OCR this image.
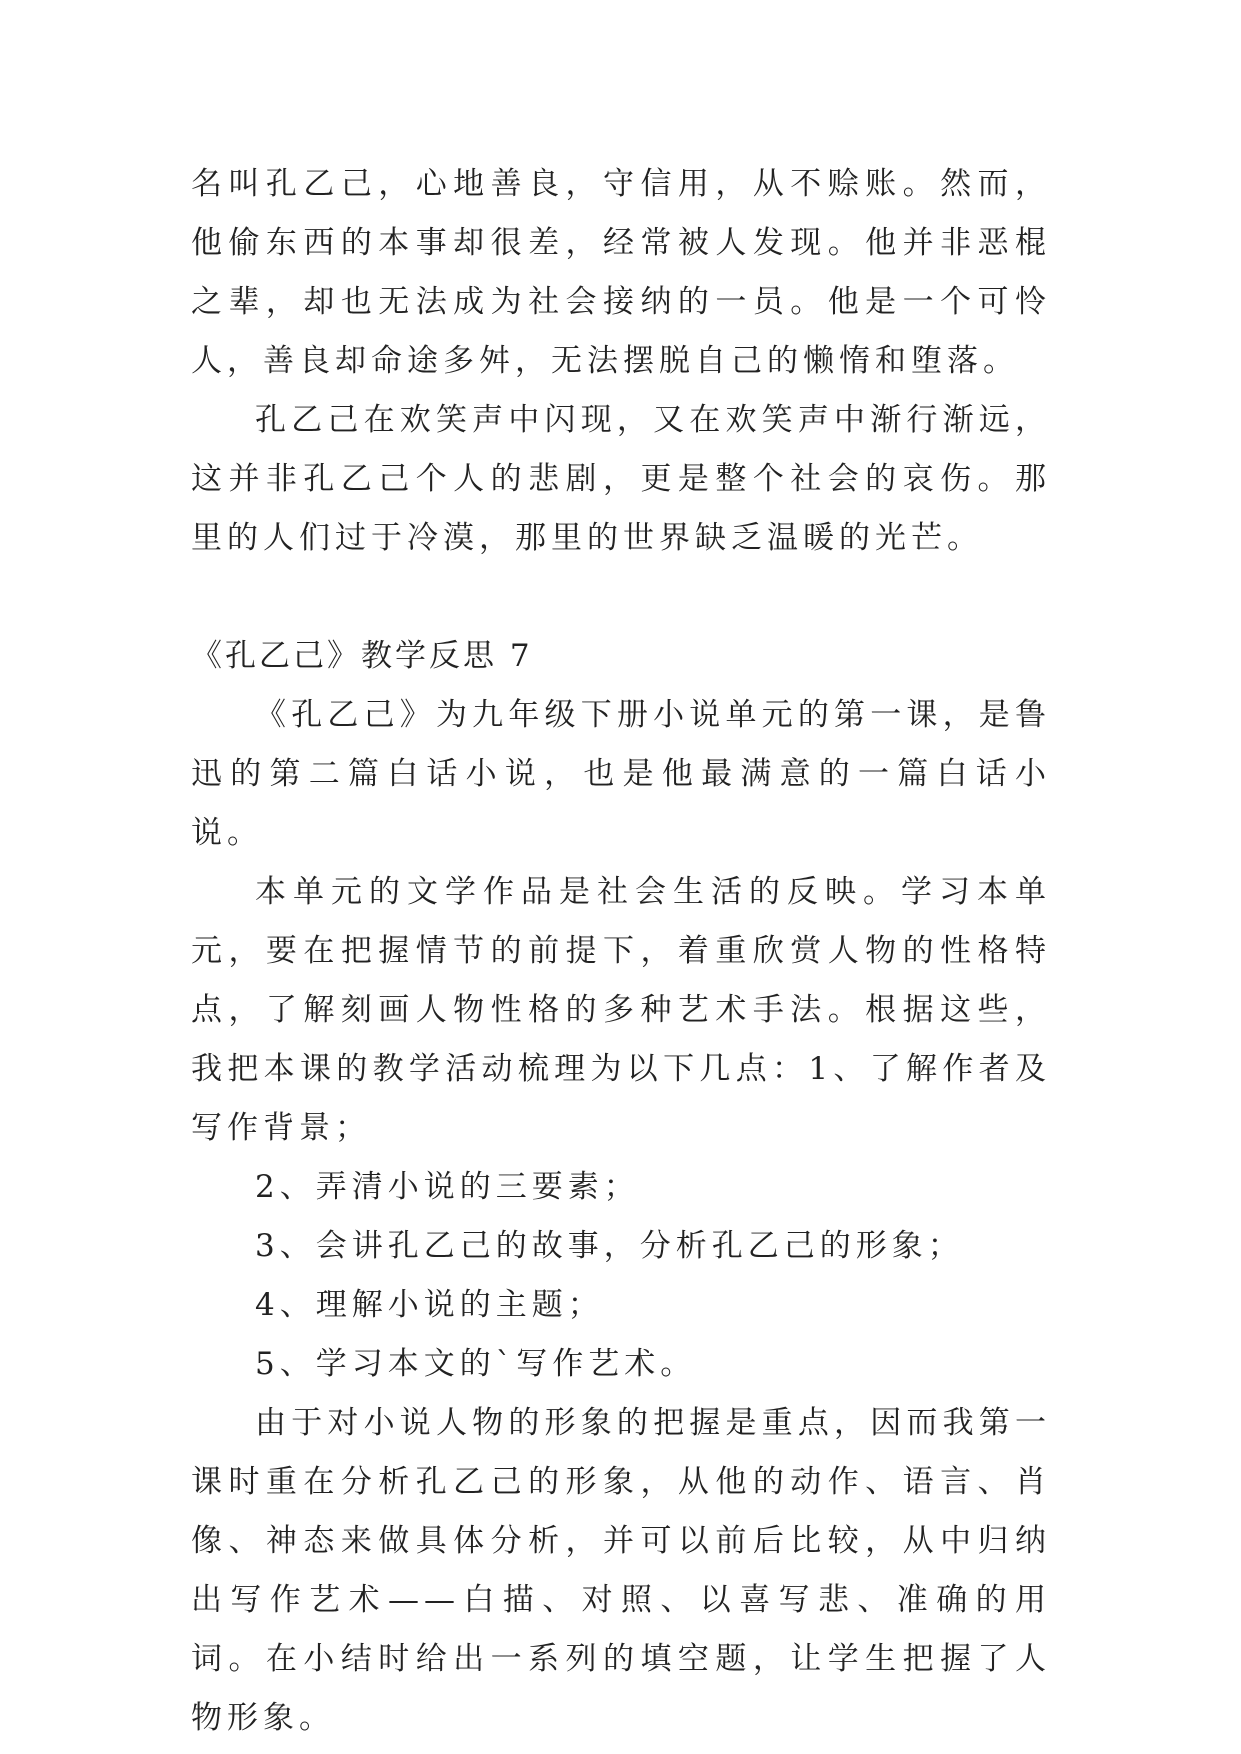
名叫孔乙己，心地善良，守信用，从不赊账。然而，他偷东西的本事却很差，经常被人发现。他并非恶棍之辈，却也无法成为社会接纳的一员。他是一个可怜人，善良却命途多舛，无法摆脱自己的懒惰和堕落。

孔乙己在欢笑声中闪现，又在欢笑声中渐行渐远，这并非孔乙己个人的悲剧，更是整个社会的哀伤。那里的人们过于冷漠，那里的世界缺乏温暖的光芒。

《孔乙己》教学反思 7

《孔乙己》为九年级下册小说单元的第一课，是鲁迅的第二篇白话小说，也是他最满意的一篇白话小说。

本单元的文学作品是社会生活的反映。学习本单元，要在把握情节的前提下，着重欣赏人物的性格特点，了解刻画人物性格的多种艺术手法。根据这些，我把本课的教学活动梳理为以下几点：1、了解作者及写作背景；

2、弄清小说的三要素；

3、会讲孔乙己的故事，分析孔乙己的形象；

4、理解小说的主题；

5、学习本文的`写作艺术。

由于对小说人物的形象的把握是重点，因而我第一课时重在分析孔乙己的形象，从他的动作、语言、肖像、神态来做具体分析，并可以前后比较，从中归纳出写作艺术——白描、对照、以喜写悲、准确的用词。在小结时给出一系列的填空题，让学生把握了人物形象。
